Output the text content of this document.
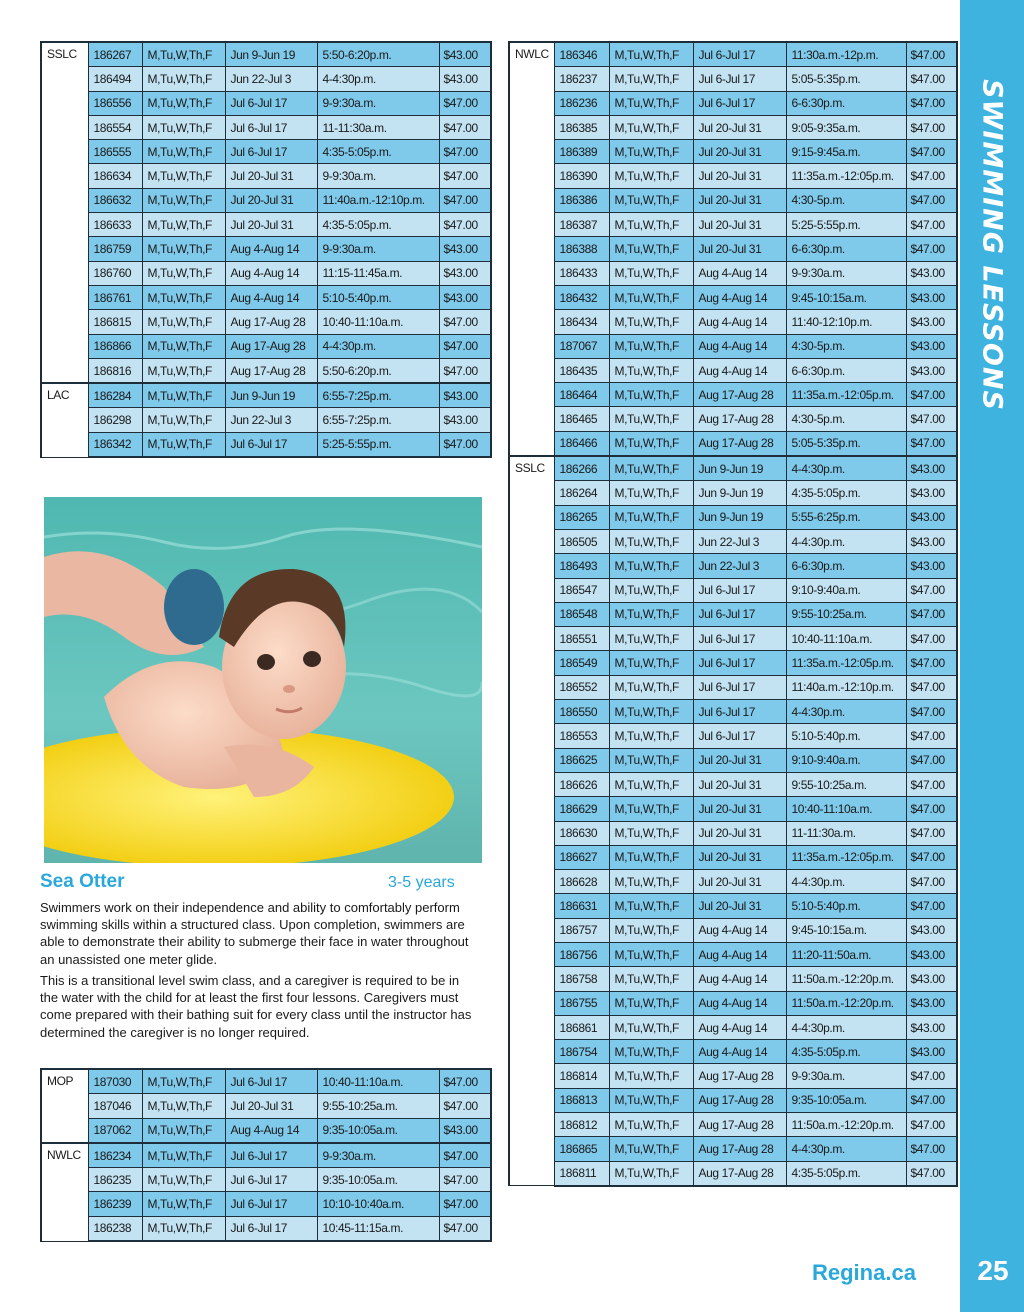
SWIMMING LESSONS
Regina.ca	25
SSLC	186267	M,Tu,W,Th,F	Jun 9-Jun 19	5:50-6:20p.m.	$43.00
	186494	M,Tu,W,Th,F	Jun 22-Jul 3	4-4:30p.m.	$43.00
	186556	M,Tu,W,Th,F	Jul 6-Jul 17	9-9:30a.m.	$47.00
	186554	M,Tu,W,Th,F	Jul 6-Jul 17	11-11:30a.m.	$47.00
	186555	M,Tu,W,Th,F	Jul 6-Jul 17	4:35-5:05p.m.	$47.00
	186634	M,Tu,W,Th,F	Jul 20-Jul 31	9-9:30a.m.	$47.00
	186632	M,Tu,W,Th,F	Jul 20-Jul 31	11:40a.m.-12:10p.m.	$47.00
	186633	M,Tu,W,Th,F	Jul 20-Jul 31	4:35-5:05p.m.	$47.00
	186759	M,Tu,W,Th,F	Aug 4-Aug 14	9-9:30a.m.	$43.00
	186760	M,Tu,W,Th,F	Aug 4-Aug 14	11:15-11:45a.m.	$43.00
	186761	M,Tu,W,Th,F	Aug 4-Aug 14	5:10-5:40p.m.	$43.00
	186815	M,Tu,W,Th,F	Aug 17-Aug 28	10:40-11:10a.m.	$47.00
	186866	M,Tu,W,Th,F	Aug 17-Aug 28	4-4:30p.m.	$47.00
	186816	M,Tu,W,Th,F	Aug 17-Aug 28	5:50-6:20p.m.	$47.00
LAC	186284	M,Tu,W,Th,F	Jun 9-Jun 19	6:55-7:25p.m.	$43.00
	186298	M,Tu,W,Th,F	Jun 22-Jul 3	6:55-7:25p.m.	$43.00
	186342	M,Tu,W,Th,F	Jul 6-Jul 17	5:25-5:55p.m.	$47.00
Sea Otter	3-5 years

Swimmers work on their independence and ability to comfortably perform swimming skills within a structured class. Upon completion, swimmers are able to demonstrate their ability to submerge their face in water throughout an unassisted one meter glide.

This is a transitional level swim class, and a caregiver is required to be in the water with the child for at least the first four lessons. Caregivers must come prepared with their bathing suit for every class until the instructor has determined the caregiver is no longer required.

MOP	187030	M,Tu,W,Th,F	Jul 6-Jul 17	10:40-11:10a.m.	$47.00
	187046	M,Tu,W,Th,F	Jul 20-Jul 31	9:55-10:25a.m.	$47.00
	187062	M,Tu,W,Th,F	Aug 4-Aug 14	9:35-10:05a.m.	$43.00
NWLC	186234	M,Tu,W,Th,F	Jul 6-Jul 17	9-9:30a.m.	$47.00
	186235	M,Tu,W,Th,F	Jul 6-Jul 17	9:35-10:05a.m.	$47.00
	186239	M,Tu,W,Th,F	Jul 6-Jul 17	10:10-10:40a.m.	$47.00
	186238	M,Tu,W,Th,F	Jul 6-Jul 17	10:45-11:15a.m.	$47.00
NWLC	186346	M,Tu,W,Th,F	Jul 6-Jul 17	11:30a.m.-12p.m.	$47.00
	186237	M,Tu,W,Th,F	Jul 6-Jul 17	5:05-5:35p.m.	$47.00
	186236	M,Tu,W,Th,F	Jul 6-Jul 17	6-6:30p.m.	$47.00
	186385	M,Tu,W,Th,F	Jul 20-Jul 31	9:05-9:35a.m.	$47.00
	186389	M,Tu,W,Th,F	Jul 20-Jul 31	9:15-9:45a.m.	$47.00
	186390	M,Tu,W,Th,F	Jul 20-Jul 31	11:35a.m.-12:05p.m.	$47.00
	186386	M,Tu,W,Th,F	Jul 20-Jul 31	4:30-5p.m.	$47.00
	186387	M,Tu,W,Th,F	Jul 20-Jul 31	5:25-5:55p.m.	$47.00
	186388	M,Tu,W,Th,F	Jul 20-Jul 31	6-6:30p.m.	$47.00
	186433	M,Tu,W,Th,F	Aug 4-Aug 14	9-9:30a.m.	$43.00
	186432	M,Tu,W,Th,F	Aug 4-Aug 14	9:45-10:15a.m.	$43.00
	186434	M,Tu,W,Th,F	Aug 4-Aug 14	11:40-12:10p.m.	$43.00
	187067	M,Tu,W,Th,F	Aug 4-Aug 14	4:30-5p.m.	$43.00
	186435	M,Tu,W,Th,F	Aug 4-Aug 14	6-6:30p.m.	$43.00
	186464	M,Tu,W,Th,F	Aug 17-Aug 28	11:35a.m.-12:05p.m.	$47.00
	186465	M,Tu,W,Th,F	Aug 17-Aug 28	4:30-5p.m.	$47.00
	186466	M,Tu,W,Th,F	Aug 17-Aug 28	5:05-5:35p.m.	$47.00
SSLC	186266	M,Tu,W,Th,F	Jun 9-Jun 19	4-4:30p.m.	$43.00
	186264	M,Tu,W,Th,F	Jun 9-Jun 19	4:35-5:05p.m.	$43.00
	186265	M,Tu,W,Th,F	Jun 9-Jun 19	5:55-6:25p.m.	$43.00
	186505	M,Tu,W,Th,F	Jun 22-Jul 3	4-4:30p.m.	$43.00
	186493	M,Tu,W,Th,F	Jun 22-Jul 3	6-6:30p.m.	$43.00
	186547	M,Tu,W,Th,F	Jul 6-Jul 17	9:10-9:40a.m.	$47.00
	186548	M,Tu,W,Th,F	Jul 6-Jul 17	9:55-10:25a.m.	$47.00
	186551	M,Tu,W,Th,F	Jul 6-Jul 17	10:40-11:10a.m.	$47.00
	186549	M,Tu,W,Th,F	Jul 6-Jul 17	11:35a.m.-12:05p.m.	$47.00
	186552	M,Tu,W,Th,F	Jul 6-Jul 17	11:40a.m.-12:10p.m.	$47.00
	186550	M,Tu,W,Th,F	Jul 6-Jul 17	4-4:30p.m.	$47.00
	186553	M,Tu,W,Th,F	Jul 6-Jul 17	5:10-5:40p.m.	$47.00
	186625	M,Tu,W,Th,F	Jul 20-Jul 31	9:10-9:40a.m.	$47.00
	186626	M,Tu,W,Th,F	Jul 20-Jul 31	9:55-10:25a.m.	$47.00
	186629	M,Tu,W,Th,F	Jul 20-Jul 31	10:40-11:10a.m.	$47.00
	186630	M,Tu,W,Th,F	Jul 20-Jul 31	11-11:30a.m.	$47.00
	186627	M,Tu,W,Th,F	Jul 20-Jul 31	11:35a.m.-12:05p.m.	$47.00
	186628	M,Tu,W,Th,F	Jul 20-Jul 31	4-4:30p.m.	$47.00
	186631	M,Tu,W,Th,F	Jul 20-Jul 31	5:10-5:40p.m.	$47.00
	186757	M,Tu,W,Th,F	Aug 4-Aug 14	9:45-10:15a.m.	$43.00
	186756	M,Tu,W,Th,F	Aug 4-Aug 14	11:20-11:50a.m.	$43.00
	186758	M,Tu,W,Th,F	Aug 4-Aug 14	11:50a.m.-12:20p.m.	$43.00
	186755	M,Tu,W,Th,F	Aug 4-Aug 14	11:50a.m.-12:20p.m.	$43.00
	186861	M,Tu,W,Th,F	Aug 4-Aug 14	4-4:30p.m.	$43.00
	186754	M,Tu,W,Th,F	Aug 4-Aug 14	4:35-5:05p.m.	$43.00
	186814	M,Tu,W,Th,F	Aug 17-Aug 28	9-9:30a.m.	$47.00
	186813	M,Tu,W,Th,F	Aug 17-Aug 28	9:35-10:05a.m.	$47.00
	186812	M,Tu,W,Th,F	Aug 17-Aug 28	11:50a.m.-12:20p.m.	$47.00
	186865	M,Tu,W,Th,F	Aug 17-Aug 28	4-4:30p.m.	$47.00
	186811	M,Tu,W,Th,F	Aug 17-Aug 28	4:35-5:05p.m.	$47.00
